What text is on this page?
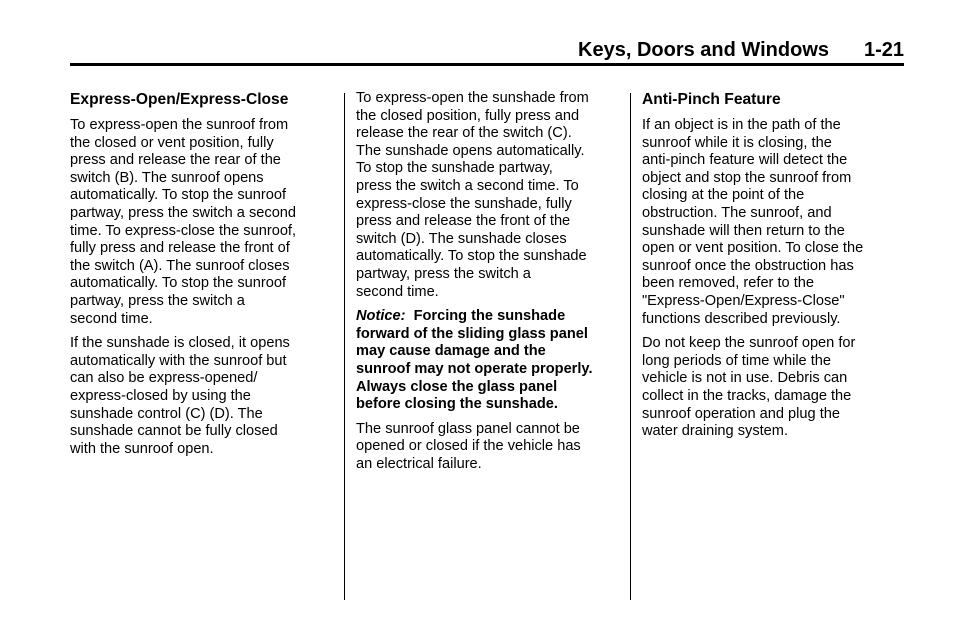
Keys, Doors and Windows 1-21
Express-Open/Express-Close
To express-open the sunroof from
the closed or vent position, fully
press and release the rear of the
switch (B). The sunroof opens
automatically. To stop the sunroof
partway, press the switch a second
time. To express-close the sunroof,
fully press and release the front of
the switch (A). The sunroof closes
automatically. To stop the sunroof
partway, press the switch a
second time.
If the sunshade is closed, it opens
automatically with the sunroof but
can also be express-opened/
express-closed by using the
sunshade control (C) (D). The
sunshade cannot be fully closed
with the sunroof open.
To express-open the sunshade from
the closed position, fully press and
release the rear of the switch (C).
The sunshade opens automatically.
To stop the sunshade partway,
press the switch a second time. To
express-close the sunshade, fully
press and release the front of the
switch (D). The sunshade closes
automatically. To stop the sunshade
partway, press the switch a
second time.
Notice: Forcing the sunshade
forward of the sliding glass panel
may cause damage and the
sunroof may not operate properly.
Always close the glass panel
before closing the sunshade.
The sunroof glass panel cannot be
opened or closed if the vehicle has
an electrical failure.
Anti-Pinch Feature
If an object is in the path of the
sunroof while it is closing, the
anti-pinch feature will detect the
object and stop the sunroof from
closing at the point of the
obstruction. The sunroof, and
sunshade will then return to the
open or vent position. To close the
sunroof once the obstruction has
been removed, refer to the
"Express-Open/Express-Close"
functions described previously.
Do not keep the sunroof open for
long periods of time while the
vehicle is not in use. Debris can
collect in the tracks, damage the
sunroof operation and plug the
water draining system.
